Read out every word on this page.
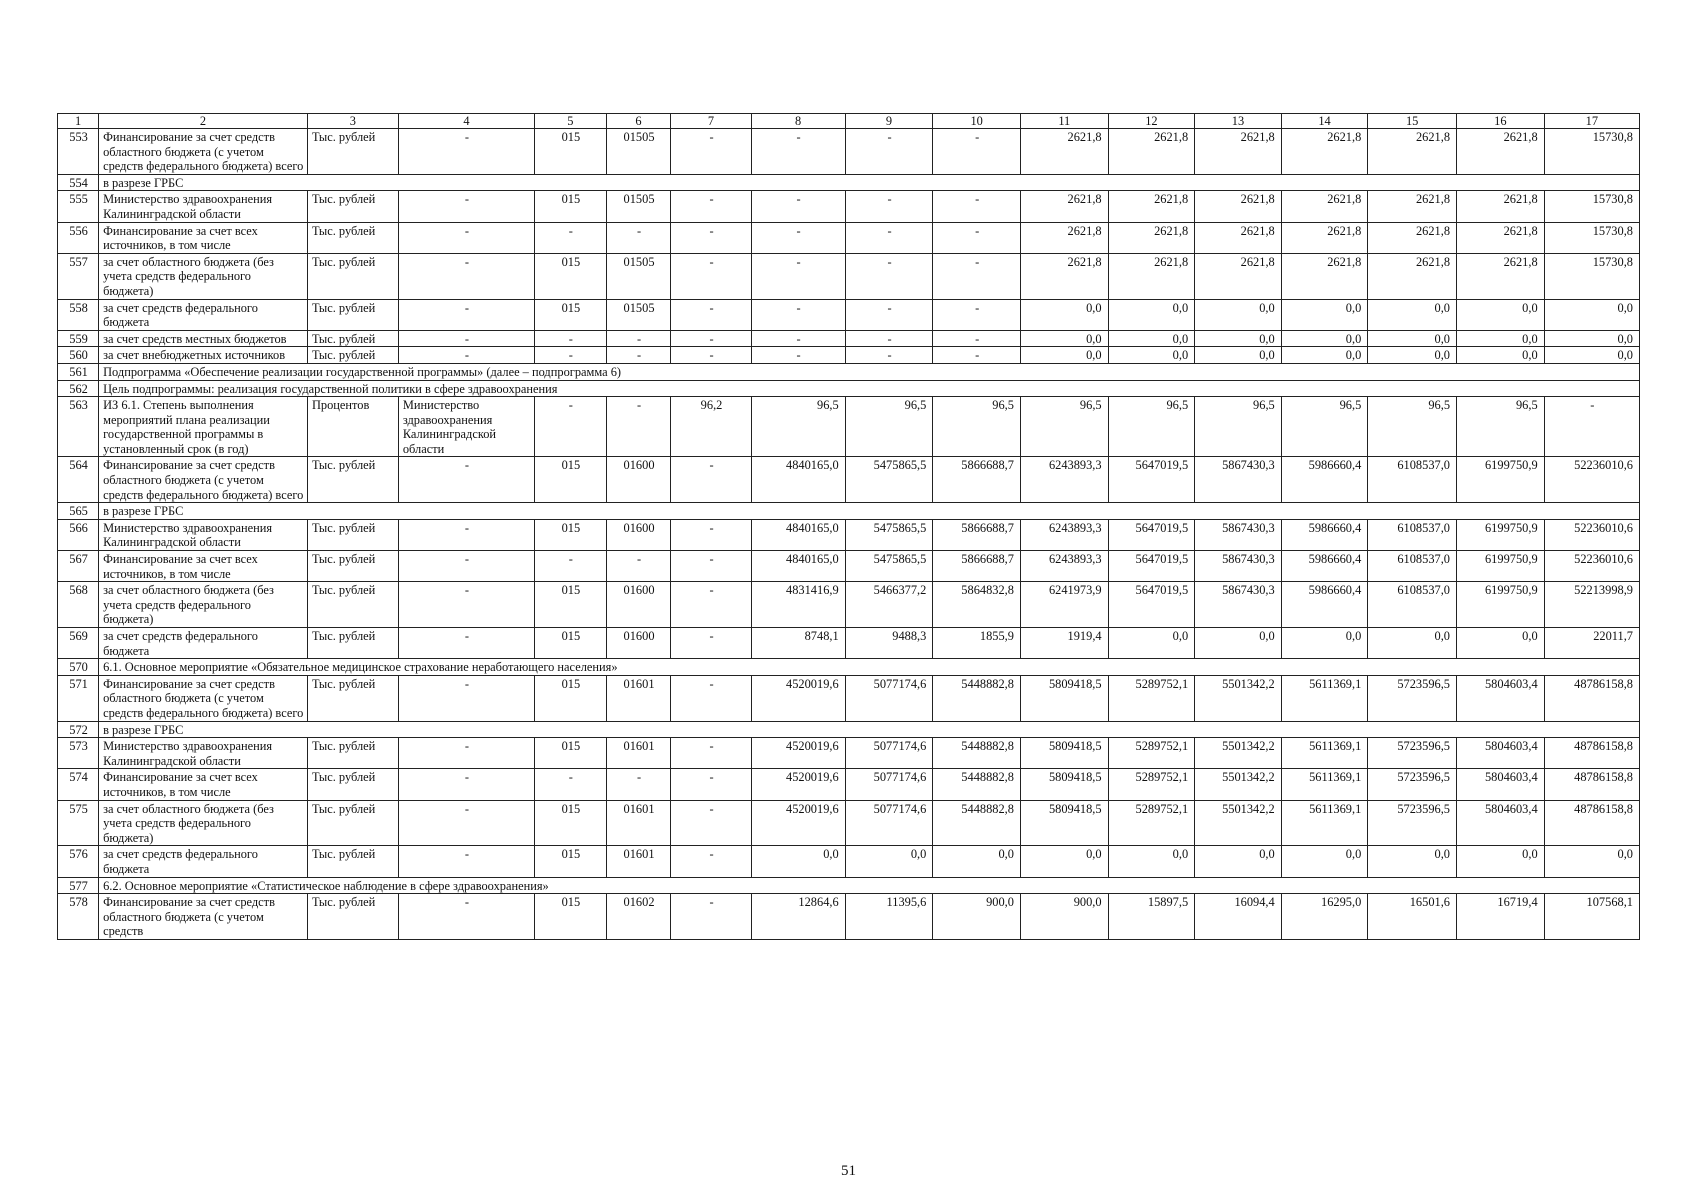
1	2	3	4	5	6	7	8	9	10	11	12	13	14	15	16	17
553	Финансирование за счет средств областного бюджета (с учетом средств федерального бюджета) всего	Тыс. рублей	-	015	01505	-	-	-	-	2621,8	2621,8	2621,8	2621,8	2621,8	2621,8	15730,8
554	в разрезе ГРБС															
555	Министерство здравоохранения Калининградской области	Тыс. рублей	-	015	01505	-	-	-	-	2621,8	2621,8	2621,8	2621,8	2621,8	2621,8	15730,8
556	Финансирование за счет всех источников, в том числе	Тыс. рублей	-	-	-	-	-	-	-	2621,8	2621,8	2621,8	2621,8	2621,8	2621,8	15730,8
557	за счет областного бюджета (без учета средств федерального бюджета)	Тыс. рублей	-	015	01505	-	-	-	-	2621,8	2621,8	2621,8	2621,8	2621,8	2621,8	15730,8
558	за счет средств федерального бюджета	Тыс. рублей	-	015	01505	-	-	-	-	0,0	0,0	0,0	0,0	0,0	0,0	0,0
559	за счет средств местных бюджетов	Тыс. рублей	-	-	-	-	-	-	-	0,0	0,0	0,0	0,0	0,0	0,0	0,0
560	за счет внебюджетных источников	Тыс. рублей	-	-	-	-	-	-	-	0,0	0,0	0,0	0,0	0,0	0,0	0,0
561	Подпрограмма «Обеспечение реализации государственной программы» (далее – подпрограмма 6)															
562	Цель подпрограммы: реализация государственной политики в сфере здравоохранения															
563	ИЗ 6.1. Степень выполнения мероприятий плана реализации государственной программы в установленный срок (в год)	Процентов	Министерство здравоохранения Калининградской области	-	-	96,2	96,5	96,5	96,5	96,5	96,5	96,5	96,5	96,5	96,5	-
564	Финансирование за счет средств областного бюджета (с учетом средств федерального бюджета) всего	Тыс. рублей	-	015	01600	-	4840165,0	5475865,5	5866688,7	6243893,3	5647019,5	5867430,3	5986660,4	6108537,0	6199750,9	52236010,6
565	в разрезе ГРБС															
566	Министерство здравоохранения Калининградской области	Тыс. рублей	-	015	01600	-	4840165,0	5475865,5	5866688,7	6243893,3	5647019,5	5867430,3	5986660,4	6108537,0	6199750,9	52236010,6
567	Финансирование за счет всех источников, в том числе	Тыс. рублей	-	-	-	-	4840165,0	5475865,5	5866688,7	6243893,3	5647019,5	5867430,3	5986660,4	6108537,0	6199750,9	52236010,6
568	за счет областного бюджета (без учета средств федерального бюджета)	Тыс. рублей	-	015	01600	-	4831416,9	5466377,2	5864832,8	6241973,9	5647019,5	5867430,3	5986660,4	6108537,0	6199750,9	52213998,9
569	за счет средств федерального бюджета	Тыс. рублей	-	015	01600	-	8748,1	9488,3	1855,9	1919,4	0,0	0,0	0,0	0,0	0,0	22011,7
570	6.1. Основное мероприятие «Обязательное медицинское страхование неработающего населения»															
571	Финансирование за счет средств областного бюджета (с учетом средств федерального бюджета) всего	Тыс. рублей	-	015	01601	-	4520019,6	5077174,6	5448882,8	5809418,5	5289752,1	5501342,2	5611369,1	5723596,5	5804603,4	48786158,8
572	в разрезе ГРБС															
573	Министерство здравоохранения Калининградской области	Тыс. рублей	-	015	01601	-	4520019,6	5077174,6	5448882,8	5809418,5	5289752,1	5501342,2	5611369,1	5723596,5	5804603,4	48786158,8
574	Финансирование за счет всех источников, в том числе	Тыс. рублей	-	-	-	-	4520019,6	5077174,6	5448882,8	5809418,5	5289752,1	5501342,2	5611369,1	5723596,5	5804603,4	48786158,8
575	за счет областного бюджета (без учета средств федерального бюджета)	Тыс. рублей	-	015	01601	-	4520019,6	5077174,6	5448882,8	5809418,5	5289752,1	5501342,2	5611369,1	5723596,5	5804603,4	48786158,8
576	за счет средств федерального бюджета	Тыс. рублей	-	015	01601	-	0,0	0,0	0,0	0,0	0,0	0,0	0,0	0,0	0,0	0,0
577	6.2. Основное мероприятие «Статистическое наблюдение в сфере здравоохранения»															
578	Финансирование за счет средств областного бюджета (с учетом средств	Тыс. рублей	-	015	01602	-	12864,6	11395,6	900,0	900,0	15897,5	16094,4	16295,0	16501,6	16719,4	107568,1
51
